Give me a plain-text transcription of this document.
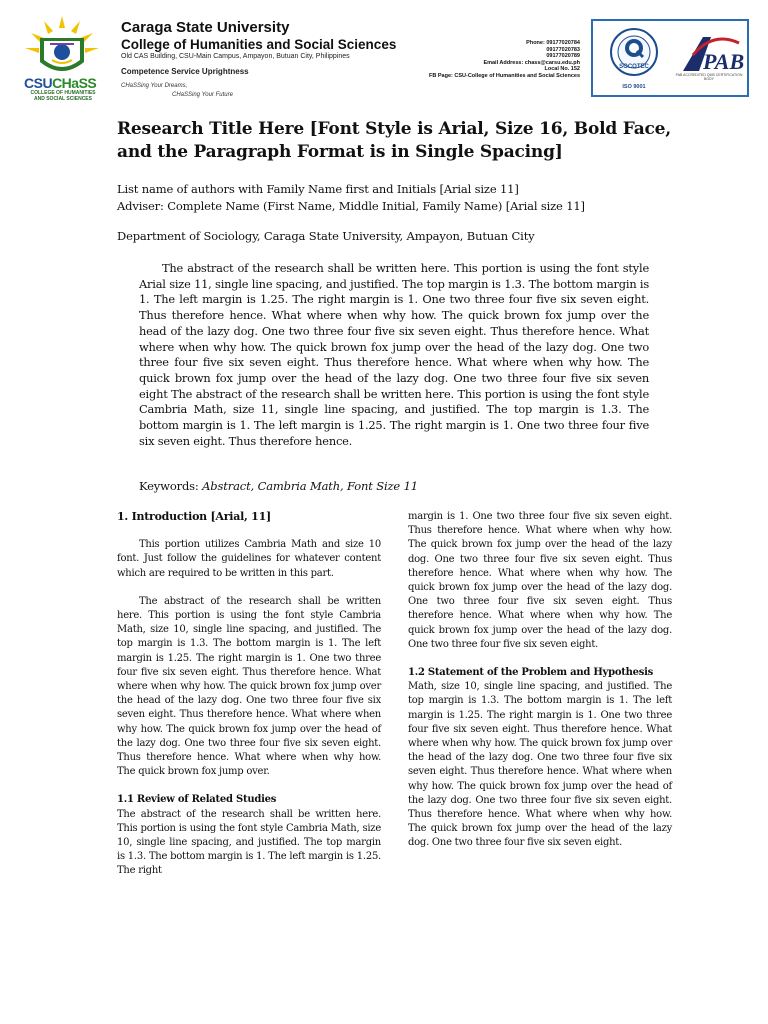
CSUCHaSS
COLLEGE OF HUMANITIES AND SOCIAL SCIENCES
Caraga State University
College of Humanities and Social Sciences
Old CAS Building, CSU-Main Campus, Ampayon, Butuan City, Philippines
Competence Service Uprightness
CHaSSing Your Dreams,
CHaSSing Your Future
Phone: 09177020784
09177020783
09177020789
Email Address: chass@carsu.edu.ph
Local No. 152
FB Page: CSU-College of Humanities and Social Sciences
SOCOTEC
ISO 9001
PAB
PAB ACCREDITED QMS CERTIFICATION BODY
Research Title Here [Font Style is Arial, Size 16, Bold Face, and the Paragraph Format is in Single Spacing]
List name of authors with Family Name first and Initials [Arial size 11]
Adviser: Complete Name (First Name, Middle Initial, Family Name) [Arial size 11]
Department of Sociology, Caraga State University, Ampayon, Butuan City
The abstract of the research shall be written here. This portion is using the font style Arial size 11, single line spacing, and justified. The top margin is 1.3. The bottom margin is 1. The left margin is 1.25. The right margin is 1. One two three four five six seven eight. Thus therefore hence. What where when why how. The quick brown fox jump over the head of the lazy dog. One two three four five six seven eight. Thus therefore hence. What where when why how. The quick brown fox jump over the head of the lazy dog. One two three four five six seven eight. Thus therefore hence. What where when why how. The quick brown fox jump over the head of the lazy dog. One two three four five six seven eight The abstract of the research shall be written here. This portion is using the font style Cambria Math, size 11, single line spacing, and justified. The top margin is 1.3. The bottom margin is 1. The left margin is 1.25. The right margin is 1. One two three four five six seven eight. Thus therefore hence.
Keywords: Abstract, Cambria Math, Font Size 11
1. Introduction [Arial, 11]

This portion utilizes Cambria Math and size 10 font. Just follow the guidelines for whatever content which are required to be written in this part.

The abstract of the research shall be written here. This portion is using the font style Cambria Math, size 10, single line spacing, and justified. The top margin is 1.3. The bottom margin is 1. The left margin is 1.25. The right margin is 1. One two three four five six seven eight. Thus therefore hence. What where when why how. The quick brown fox jump over the head of the lazy dog. One two three four five six seven eight. Thus therefore hence. What where when why how. The quick brown fox jump over the head of the lazy dog. One two three four five six seven eight. Thus therefore hence. What where when why how. The quick brown fox jump over.

1.1 Review of Related Studies

The abstract of the research shall be written here. This portion is using the font style Cambria Math, size 10, single line spacing, and justified. The top margin is 1.3. The bottom margin is 1. The left margin is 1.25. The right

margin is 1. One two three four five six seven eight. Thus therefore hence. What where when why how. The quick brown fox jump over the head of the lazy dog. One two three four five six seven eight. Thus therefore hence. What where when why how. The quick brown fox jump over the head of the lazy dog. One two three four five six seven eight. Thus therefore hence. What where when why how. The quick brown fox jump over the head of the lazy dog. One two three four five six seven eight.

1.2 Statement of the Problem and Hypothesis

Math, size 10, single line spacing, and justified. The top margin is 1.3. The bottom margin is 1. The left margin is 1.25. The right margin is 1. One two three four five six seven eight. Thus therefore hence. What where when why how. The quick brown fox jump over the head of the lazy dog. One two three four five six seven eight. Thus therefore hence. What where when why how. The quick brown fox jump over the head of the lazy dog. One two three four five six seven eight. Thus therefore hence. What where when why how. The quick brown fox jump over the head of the lazy dog. One two three four five six seven eight.
